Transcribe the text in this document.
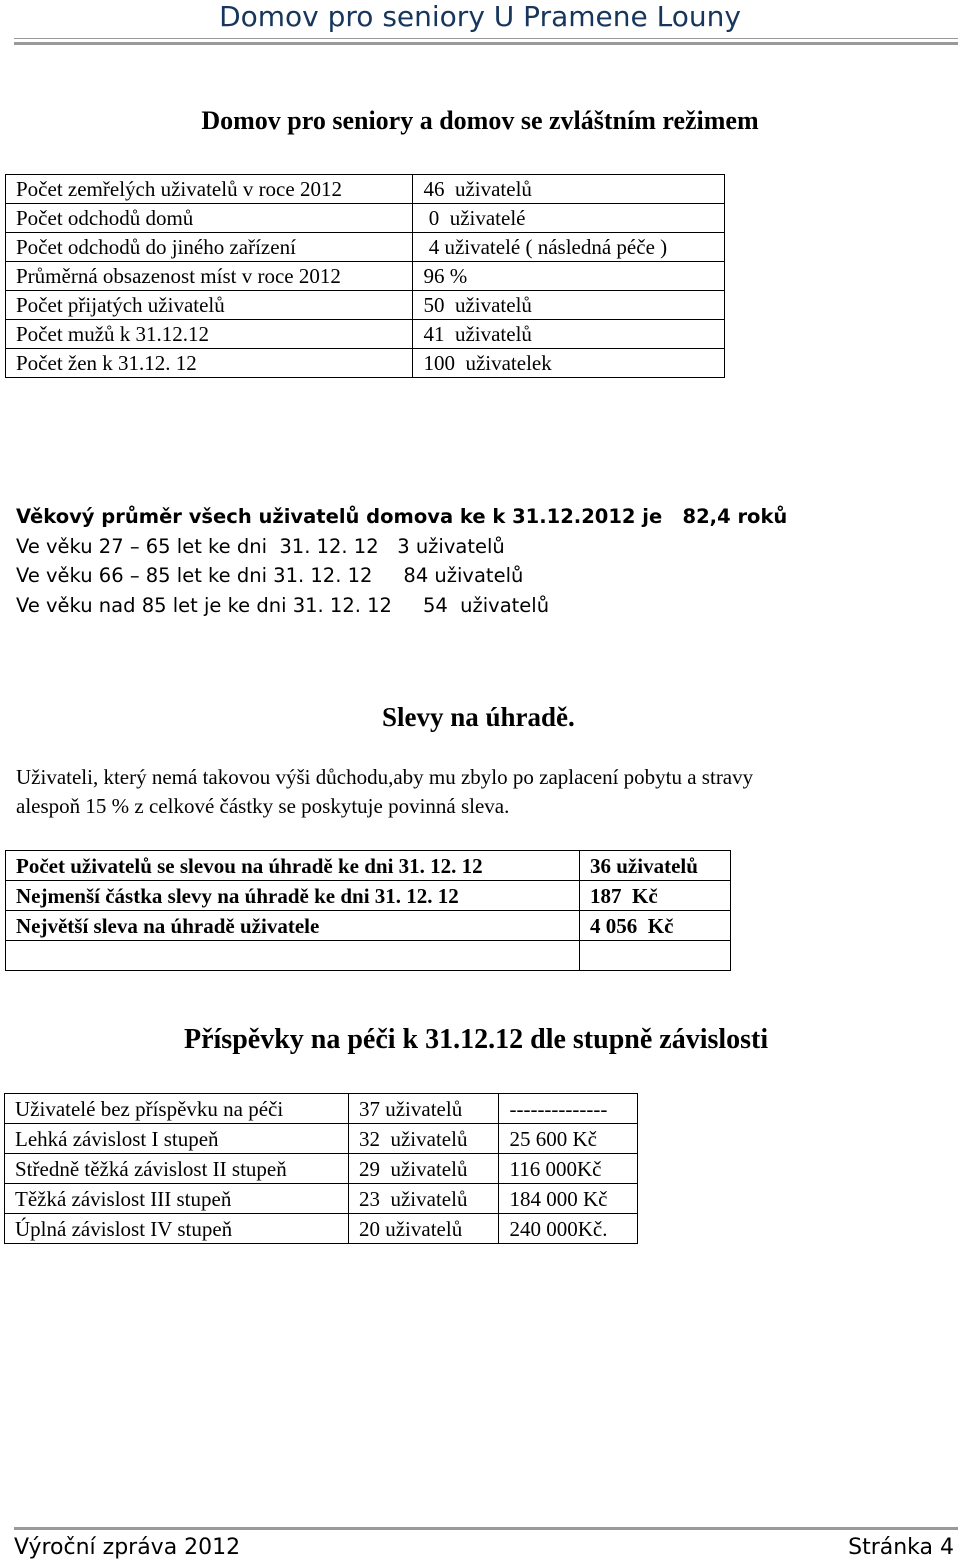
Domov pro seniory U Pramene Louny
Domov pro seniory a domov se zvláštním režimem
Počet zemřelých uživatelů v roce 2012	46  uživatelů
Počet odchodů domů	0  uživatelé
Počet odchodů do jiného zařízení	4 uživatelé ( následná péče )
Průměrná obsazenost míst v roce 2012	96 %
Počet přijatých uživatelů	50  uživatelů
Počet mužů k 31.12.12	41  uživatelů
Počet žen k 31.12. 12	100  uživatelek
Věkový průměr všech uživatelů domova ke k 31.12.2012 je   82,4 roků
Ve věku 27 – 65 let ke dni  31. 12. 12   3 uživatelů
Ve věku 66 – 85 let ke dni 31. 12. 12     84 uživatelů
Ve věku nad 85 let je ke dni 31. 12. 12     54  uživatelů
Slevy na úhradě.
Uživateli, který nemá takovou výši důchodu,aby mu zbylo po zaplacení pobytu a stravy
alespoň 15 % z celkové částky se poskytuje povinná sleva.
Počet uživatelů se slevou na úhradě ke dni 31. 12. 12	36 uživatelů
Nejmenší částka slevy na úhradě ke dni 31. 12. 12	187  Kč
Největší sleva na úhradě uživatele	4 056  Kč

Příspěvky na péči k 31.12.12 dle stupně závislosti
Uživatelé bez příspěvku na péči	37 uživatelů	--------------
Lehká závislost I stupeň	32  uživatelů	25 600 Kč
Středně těžká závislost II stupeň	29  uživatelů	116 000Kč
Těžká závislost III stupeň	23  uživatelů	184 000 Kč
Úplná závislost IV stupeň	20 uživatelů	240 000Kč.
Výroční zpráva 2012	Stránka 4
